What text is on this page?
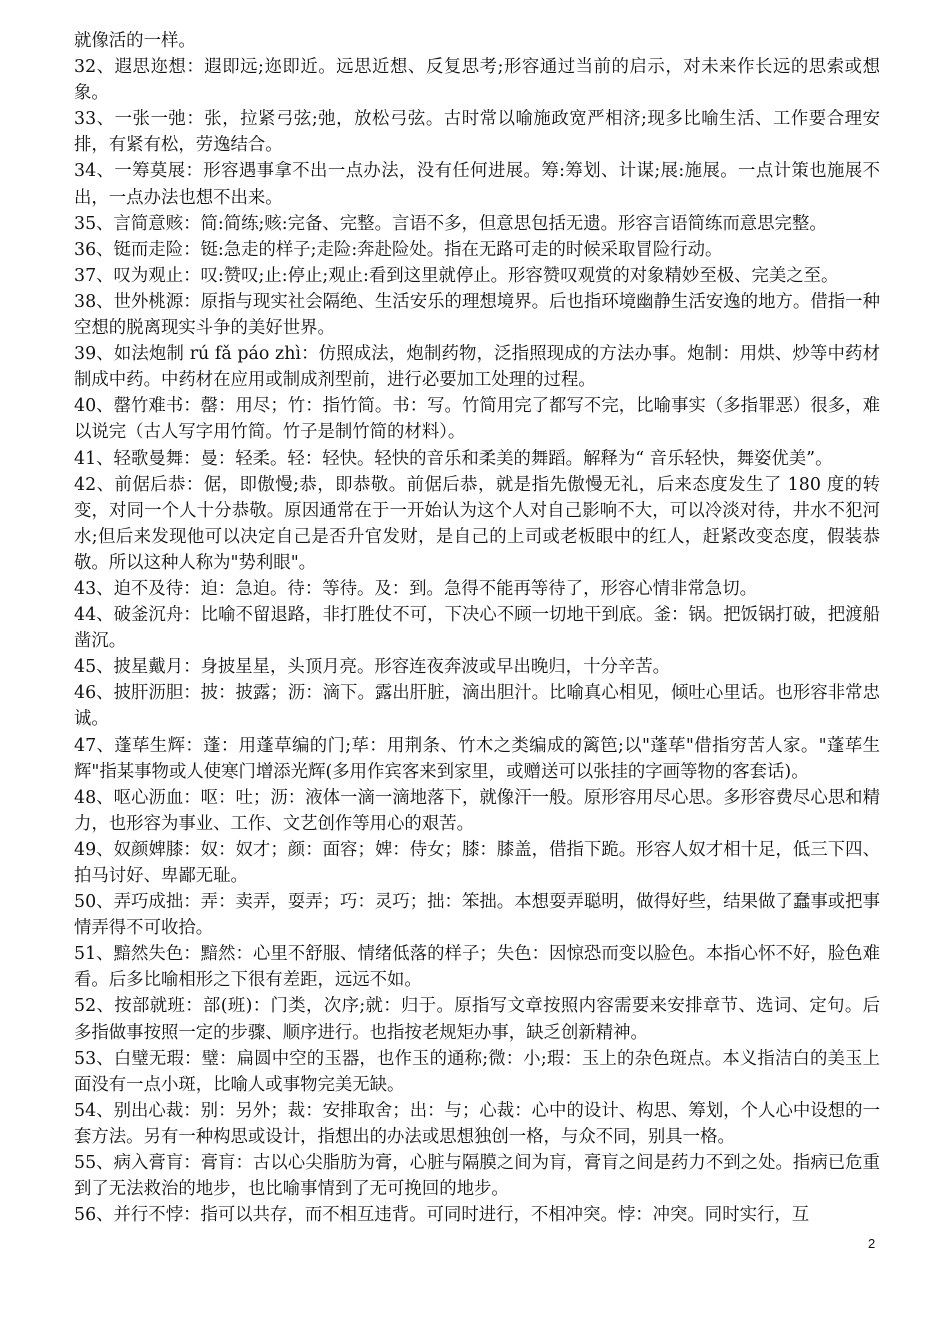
就像活的一样。

32、遐思迩想：遐即远;迩即近。远思近想、反复思考;形容通过当前的启示，对未来作长远的思索或想象。

33、一张一弛：张，拉紧弓弦;弛，放松弓弦。古时常以喻施政宽严相济;现多比喻生活、工作要合理安排，有紧有松，劳逸结合。

34、一筹莫展：形容遇事拿不出一点办法，没有任何进展。筹:筹划、计谋;展:施展。一点计策也施展不出，一点办法也想不出来。

35、言简意赅：简:简练;赅:完备、完整。言语不多，但意思包括无遗。形容言语简练而意思完整。

36、铤而走险：铤:急走的样子;走险:奔赴险处。指在无路可走的时候采取冒险行动。

37、叹为观止：叹:赞叹;止:停止;观止:看到这里就停止。形容赞叹观赏的对象精妙至极、完美之至。

38、世外桃源：原指与现实社会隔绝、生活安乐的理想境界。后也指环境幽静生活安逸的地方。借指一种空想的脱离现实斗争的美好世界。

39、如法炮制 rú fǎ páo zhì：仿照成法，炮制药物，泛指照现成的方法办事。炮制：用烘、炒等中药材制成中药。中药材在应用或制成剂型前，进行必要加工处理的过程。

40、罄竹难书：罄：用尽；竹：指竹简。书：写。竹简用完了都写不完，比喻事实（多指罪恶）很多，难以说完（古人写字用竹简。竹子是制竹简的材料）。

41、轻歌曼舞：曼：轻柔。轻：轻快。轻快的音乐和柔美的舞蹈。解释为“ 音乐轻快，舞姿优美”。

42、前倨后恭：倨，即傲慢;恭，即恭敬。前倨后恭，就是指先傲慢无礼，后来态度发生了 180 度的转变，对同一个人十分恭敬。原因通常在于一开始认为这个人对自己影响不大，可以冷淡对待，井水不犯河水;但后来发现他可以决定自己是否升官发财，是自己的上司或老板眼中的红人，赶紧改变态度，假装恭敬。所以这种人称为"势利眼"。

43、迫不及待：迫：急迫。待：等待。及：到。急得不能再等待了，形容心情非常急切。

44、破釜沉舟：比喻不留退路，非打胜仗不可，下决心不顾一切地干到底。釜：锅。把饭锅打破，把渡船凿沉。

45、披星戴月：身披星星，头顶月亮。形容连夜奔波或早出晚归，十分辛苦。

46、披肝沥胆：披：披露；沥：滴下。露出肝脏，滴出胆汁。比喻真心相见，倾吐心里话。也形容非常忠诚。

47、蓬荜生辉：蓬：用蓬草编的门;荜：用荆条、竹木之类编成的篱笆;以"蓬荜"借指穷苦人家。"蓬荜生辉"指某事物或人使寒门增添光辉(多用作宾客来到家里，或赠送可以张挂的字画等物的客套话)。

48、呕心沥血：呕：吐；沥：液体一滴一滴地落下，就像汗一般。原形容用尽心思。多形容费尽心思和精力，也形容为事业、工作、文艺创作等用心的艰苦。

49、奴颜婢膝：奴：奴才；颜：面容；婢：侍女；膝：膝盖，借指下跪。形容人奴才相十足，低三下四、拍马讨好、卑鄙无耻。

50、弄巧成拙：弄：卖弄，耍弄；巧：灵巧；拙：笨拙。本想耍弄聪明，做得好些，结果做了蠢事或把事情弄得不可收拾。

51、黯然失色：黯然：心里不舒服、情绪低落的样子；失色：因惊恐而变以脸色。本指心怀不好，脸色难看。后多比喻相形之下很有差距，远远不如。

52、按部就班：部(班)：门类，次序;就：归于。原指写文章按照内容需要来安排章节、选词、定句。后多指做事按照一定的步骤、顺序进行。也指按老规矩办事，缺乏创新精神。

53、白璧无瑕：璧：扁圆中空的玉器，也作玉的通称;微：小;瑕：玉上的杂色斑点。本义指洁白的美玉上面没有一点小斑，比喻人或事物完美无缺。

54、别出心裁：别：另外；裁：安排取舍；出：与；心裁：心中的设计、构思、筹划，个人心中设想的一套方法。另有一种构思或设计，指想出的办法或思想独创一格，与众不同，别具一格。

55、病入膏肓：膏肓：古以心尖脂肪为膏，心脏与隔膜之间为肓，膏肓之间是药力不到之处。指病已危重到了无法救治的地步，也比喻事情到了无可挽回的地步。

56、并行不悖：指可以共存，而不相互违背。可同时进行，不相冲突。悖：冲突。同时实行，互

2
